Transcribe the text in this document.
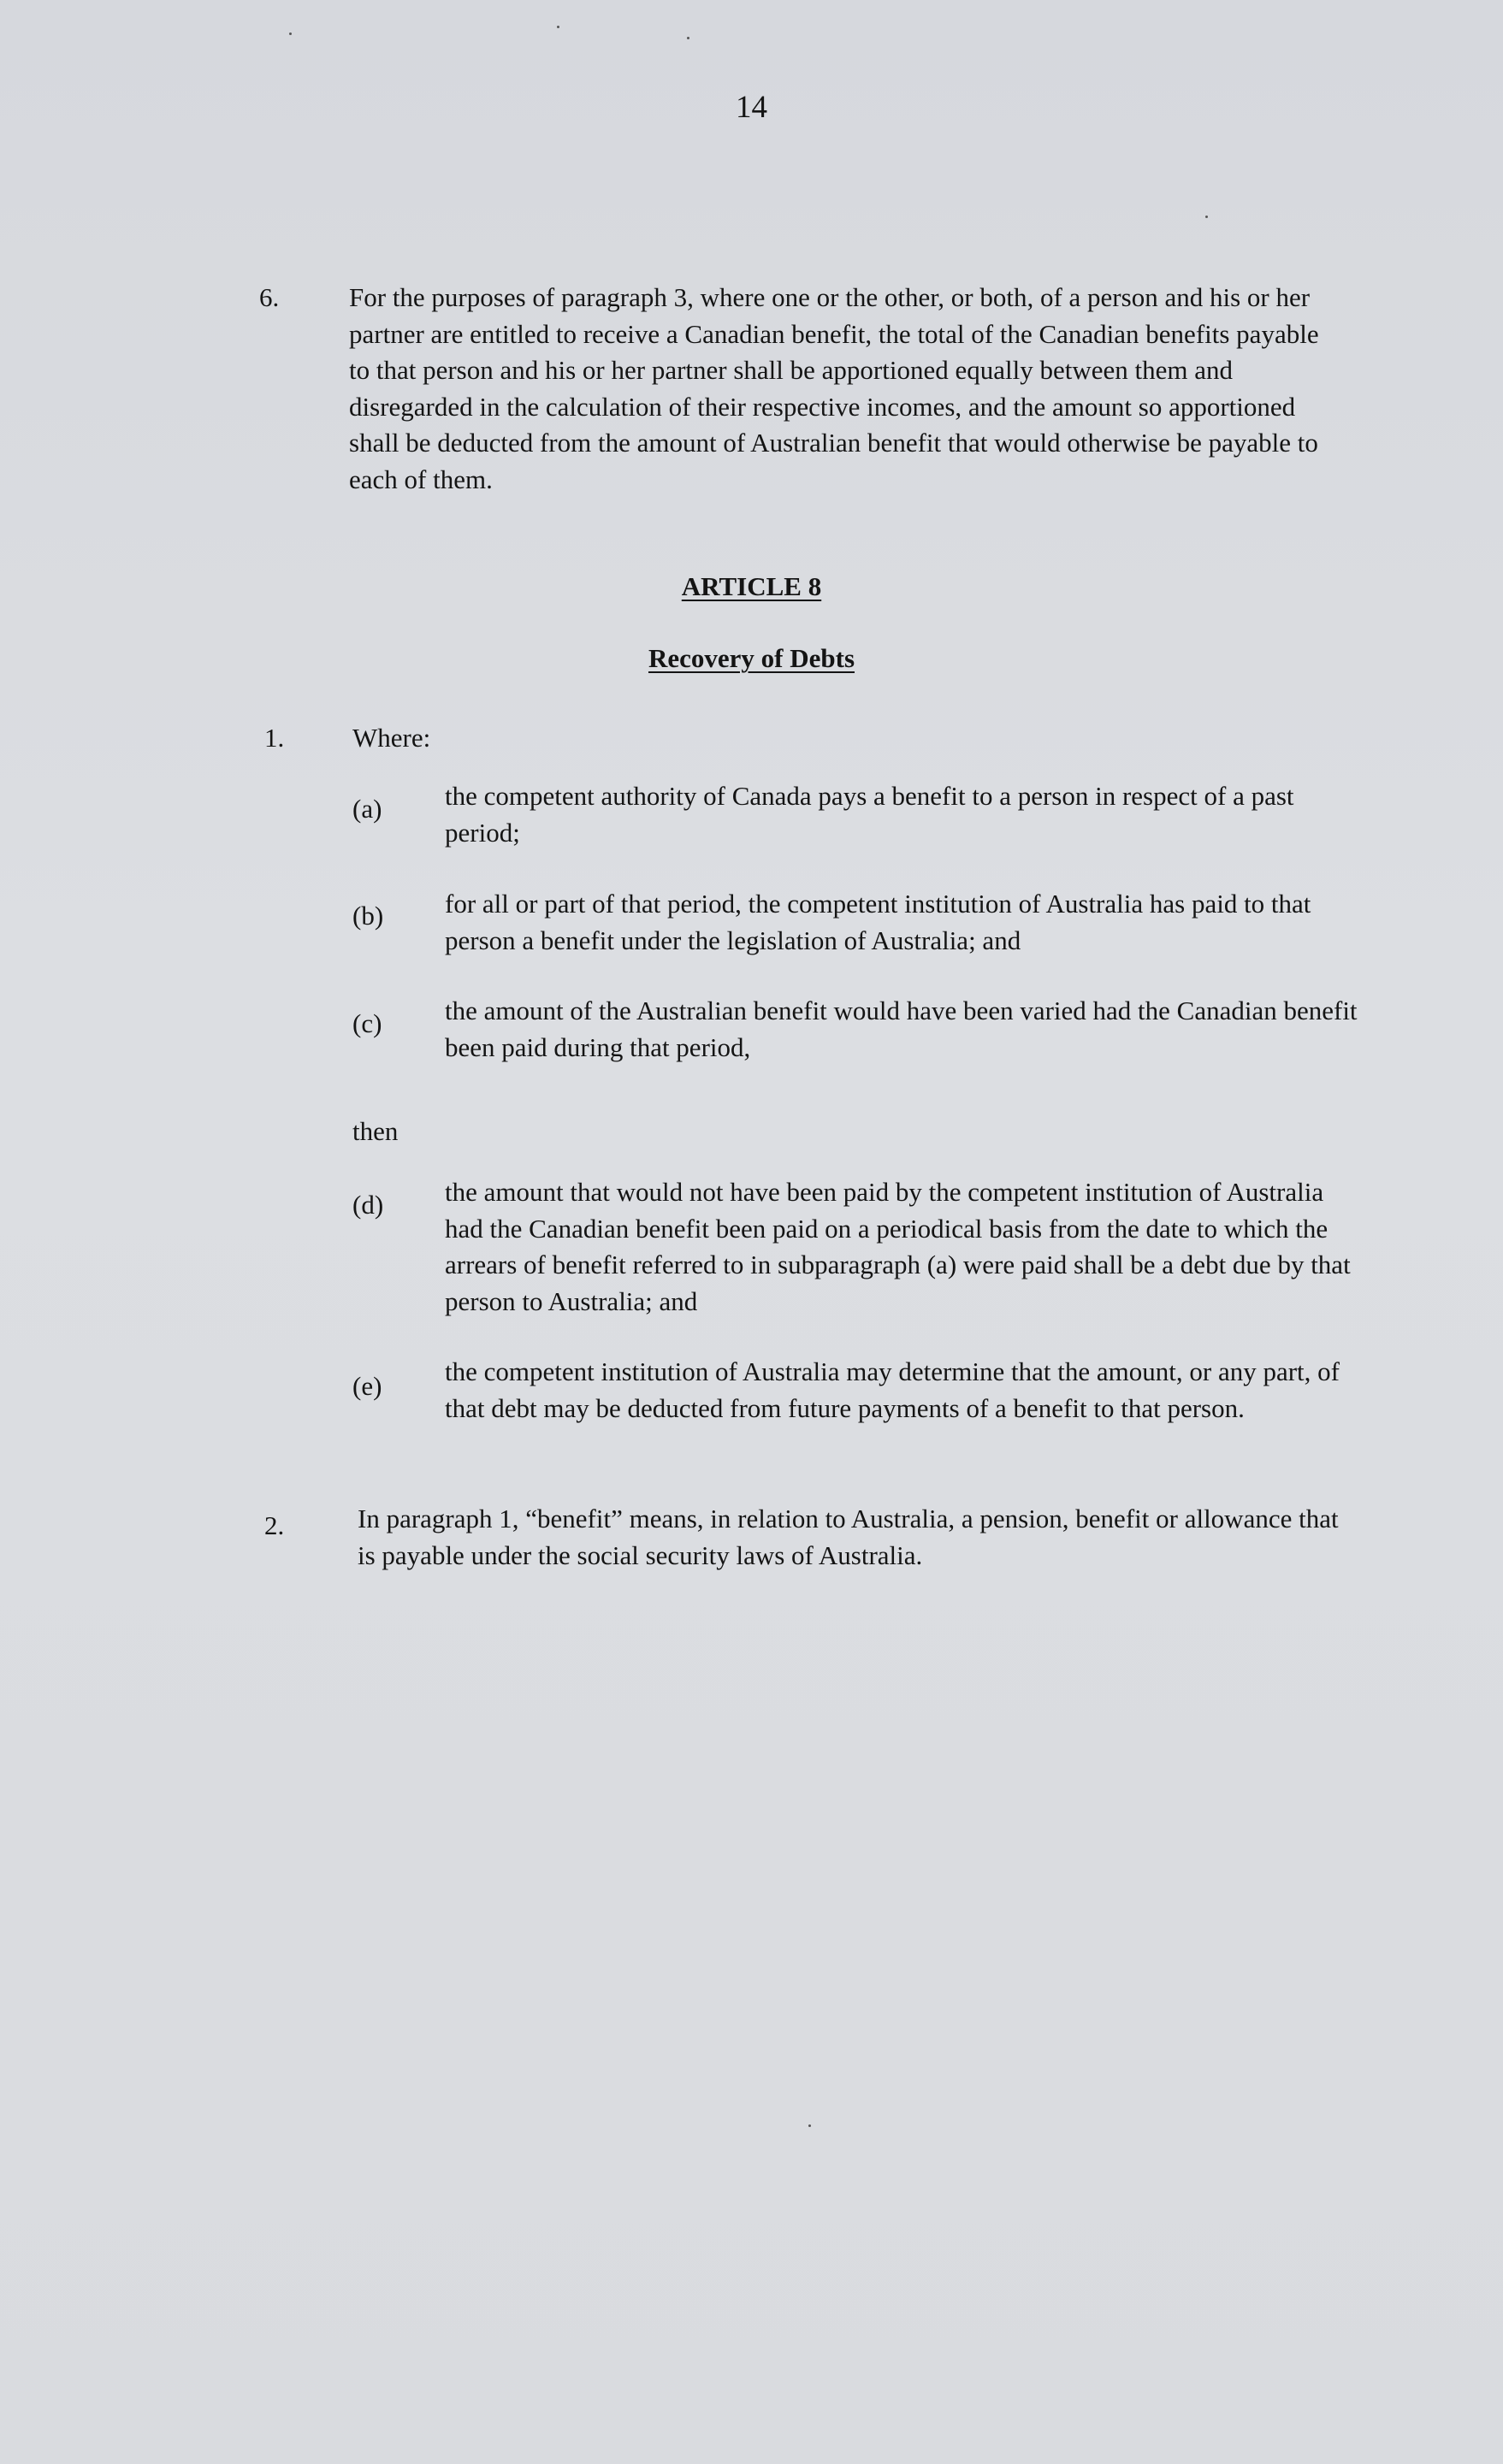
14
6.	For the purposes of paragraph 3, where one or the other, or both, of a person and his or her partner are entitled to receive a Canadian benefit, the total of the Canadian benefits payable to that person and his or her partner shall be apportioned equally between them and disregarded in the calculation of their respective incomes, and the amount so apportioned shall be deducted from the amount of Australian benefit that would otherwise be payable to each of them.
ARTICLE 8
Recovery of Debts
1.	Where:
(a) the competent authority of Canada pays a benefit to a person in respect of a past period;
(b) for all or part of that period, the competent institution of Australia has paid to that person a benefit under the legislation of Australia; and
(c) the amount of the Australian benefit would have been varied had the Canadian benefit been paid during that period,
then
(d) the amount that would not have been paid by the competent institution of Australia had the Canadian benefit been paid on a periodical basis from the date to which the arrears of benefit referred to in subparagraph (a) were paid shall be a debt due by that person to Australia; and
(e) the competent institution of Australia may determine that the amount, or any part, of that debt may be deducted from future payments of a benefit to that person.
2.	In paragraph 1, “benefit” means, in relation to Australia, a pension, benefit or allowance that is payable under the social security laws of Australia.
